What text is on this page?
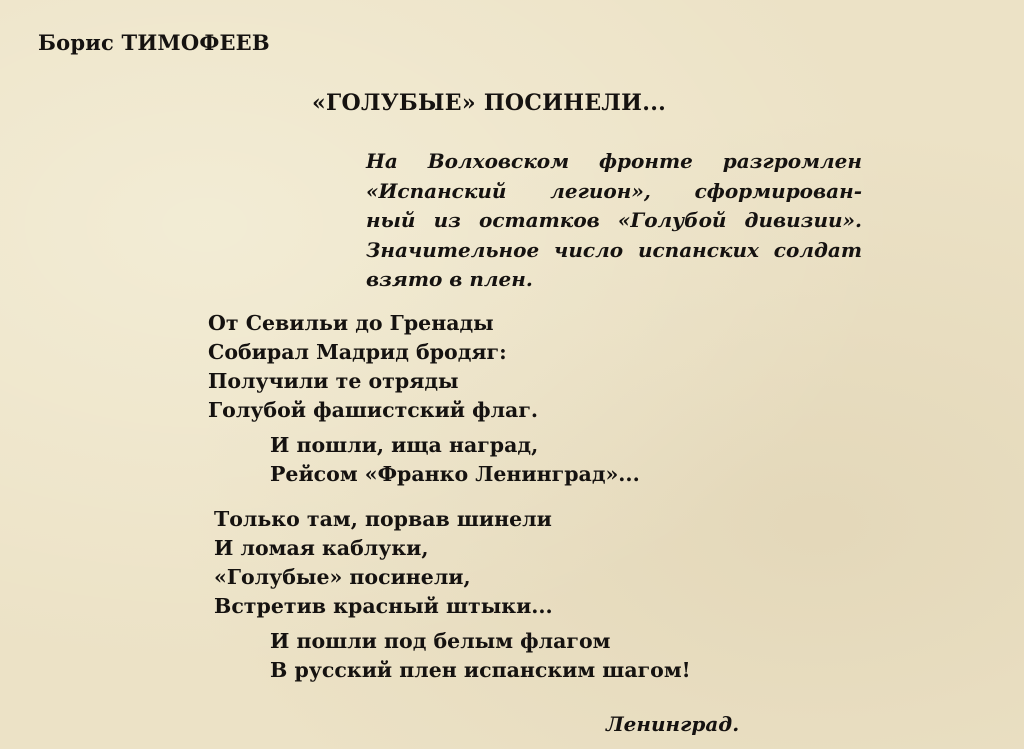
Борис ТИМОФЕЕВ
«ГОЛУБЫЕ» ПОСИНЕЛИ...
На Волховском фронте разгромлен
«Испанский легион», сформирован-
ный из остатков «Голубой дивизии».
Значительное число испанских солдат
взято в плен.
От Севильи до Гренады
Собирал Мадрид бродяг:
Получили те отряды
Голубой фашистский флаг.
И пошли, ища наград,
Рейсом «Франко Ленинград»...
Только там, порвав шинели
И ломая каблуки,
«Голубые» посинели,
Встретив красный штыки...
И пошли под белым флагом
В русский плен испанским шагом!
Ленинград.
